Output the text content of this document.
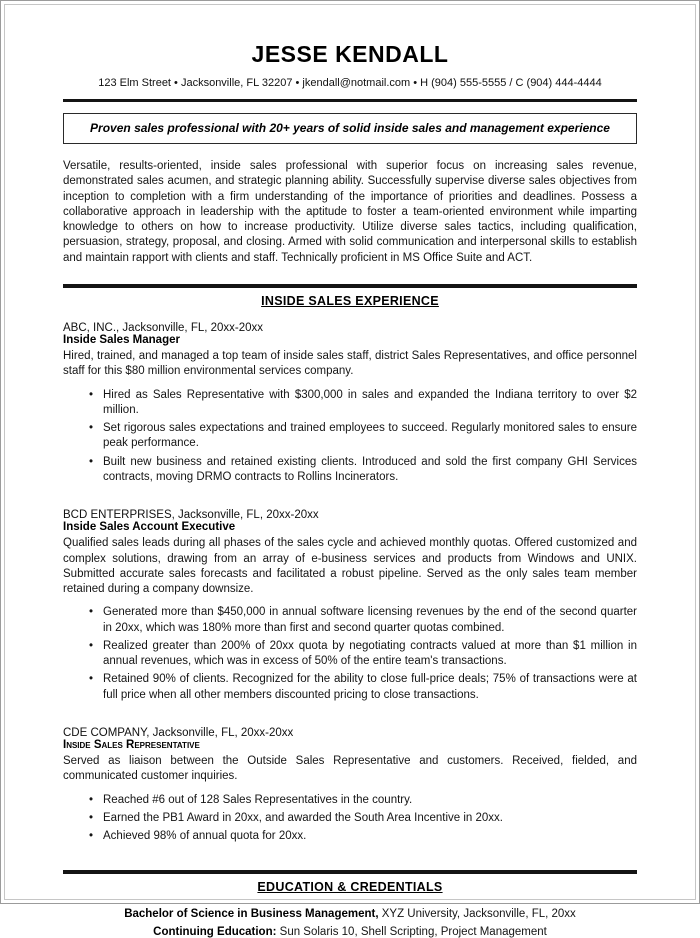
JESSE KENDALL
123 Elm Street • Jacksonville, FL 32207 • jkendall@notmail.com • H (904) 555-5555 / C (904) 444-4444
Proven sales professional with 20+ years of solid inside sales and management experience

Versatile, results-oriented, inside sales professional with superior focus on increasing sales revenue, demonstrated sales acumen, and strategic planning ability. Successfully supervise diverse sales objectives from inception to completion with a firm understanding of the importance of priorities and deadlines. Possess a collaborative approach in leadership with the aptitude to foster a team-oriented environment while imparting knowledge to others on how to increase productivity. Utilize diverse sales tactics, including qualification, persuasion, strategy, proposal, and closing. Armed with solid communication and interpersonal skills to establish and maintain rapport with clients and staff. Technically proficient in MS Office Suite and ACT.

INSIDE SALES EXPERIENCE
ABC, INC., Jacksonville, FL, 20xx-20xx
Inside Sales Manager

Hired, trained, and managed a top team of inside sales staff, district Sales Representatives, and office personnel staff for this $80 million environmental services company.

• Hired as Sales Representative with $300,000 in sales and expanded the Indiana territory to over $2 million.
• Set rigorous sales expectations and trained employees to succeed. Regularly monitored sales to ensure peak performance.
• Built new business and retained existing clients. Introduced and sold the first company GHI Services contracts, moving DRMO contracts to Rollins Incinerators.
BCD ENTERPRISES, Jacksonville, FL, 20xx-20xx
Inside Sales Account Executive

Qualified sales leads during all phases of the sales cycle and achieved monthly quotas. Offered customized and complex solutions, drawing from an array of e-business services and products from Windows and UNIX. Submitted accurate sales forecasts and facilitated a robust pipeline. Served as the only sales team member retained during a company downsize.

• Generated more than $450,000 in annual software licensing revenues by the end of the second quarter in 20xx, which was 180% more than first and second quarter quotas combined.
• Realized greater than 200% of 20xx quota by negotiating contracts valued at more than $1 million in annual revenues, which was in excess of 50% of the entire team's transactions.
• Retained 90% of clients. Recognized for the ability to close full-price deals; 75% of transactions were at full price when all other members discounted pricing to close transactions.
CDE COMPANY, Jacksonville, FL, 20xx-20xx
Inside Sales Representative

Served as liaison between the Outside Sales Representative and customers. Received, fielded, and communicated customer inquiries.

• Reached #6 out of 128 Sales Representatives in the country.
• Earned the PB1 Award in 20xx, and awarded the South Area Incentive in 20xx.
• Achieved 98% of annual quota for 20xx.
EDUCATION & CREDENTIALS
Bachelor of Science in Business Management, XYZ University, Jacksonville, FL, 20xx
Continuing Education: Sun Solaris 10, Shell Scripting, Project Management
